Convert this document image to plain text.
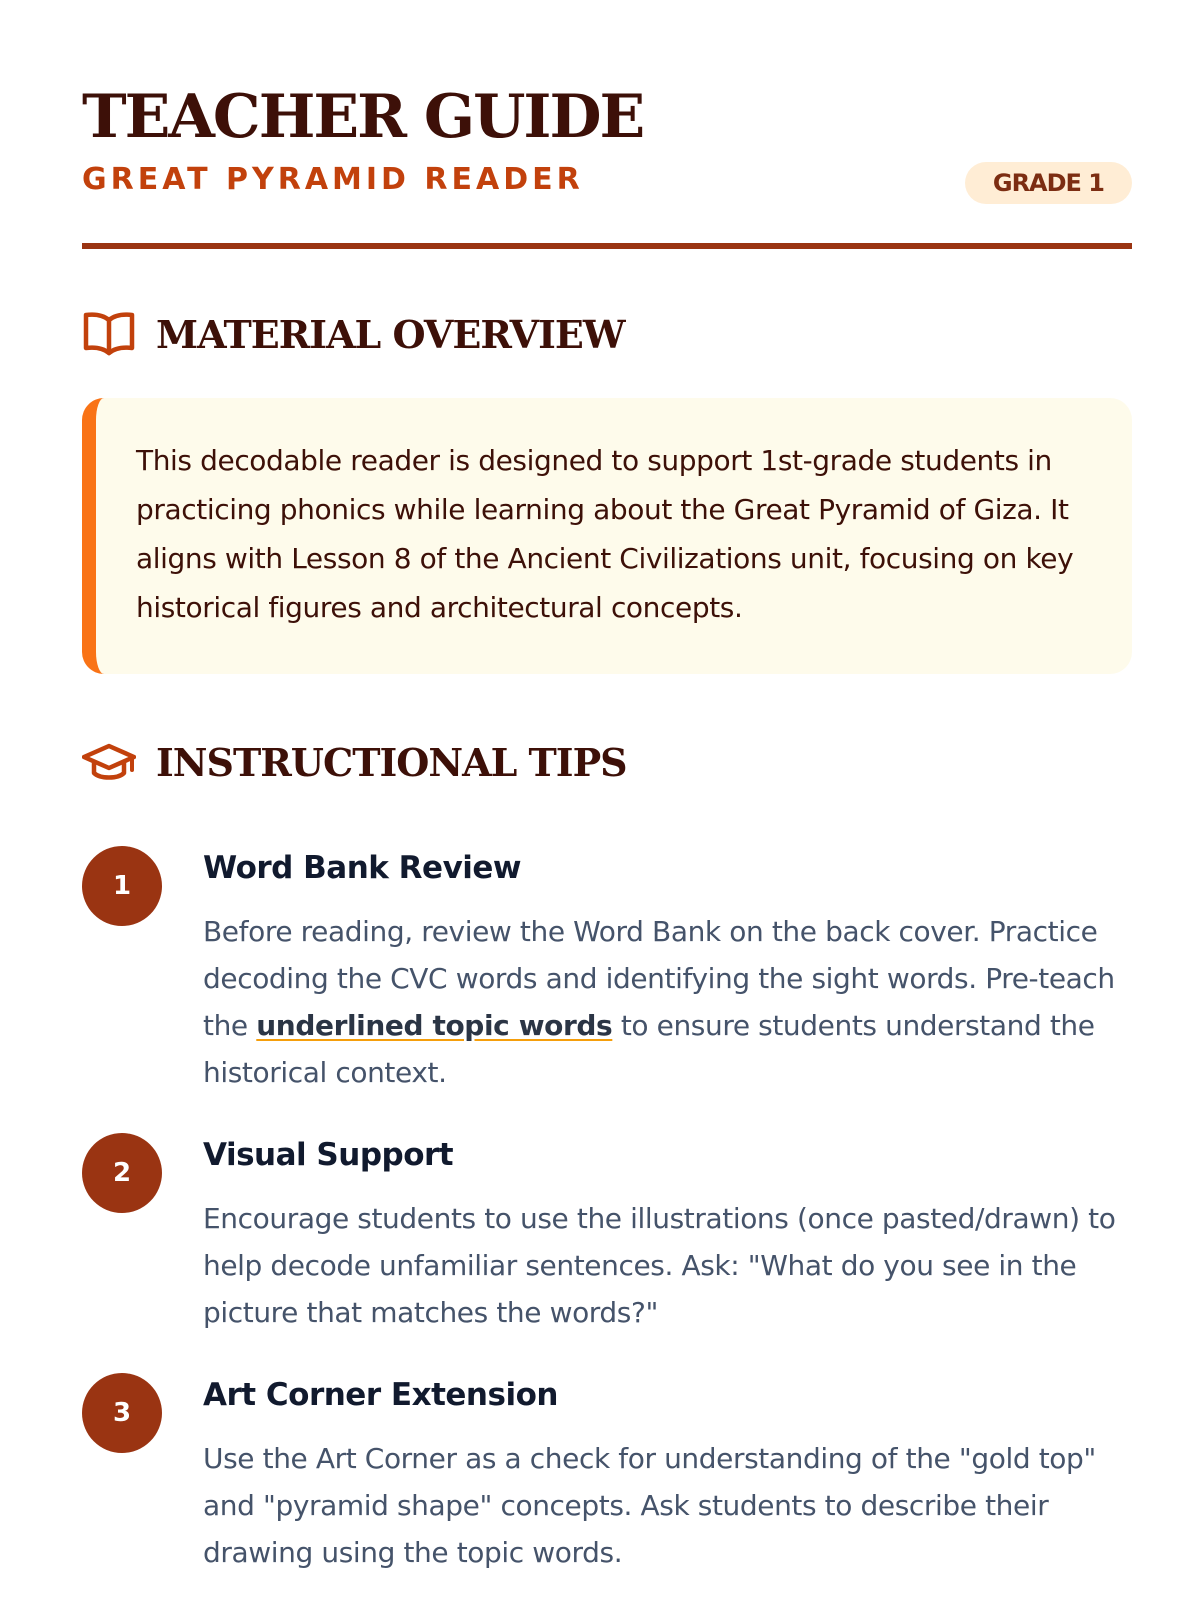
TEACHER GUIDE
GREAT PYRAMID READER	GRADE 1
MATERIAL OVERVIEW

This decodable reader is designed to support 1st-grade students in practicing phonics while learning about the Great Pyramid of Giza. It aligns with Lesson 8 of the Ancient Civilizations unit, focusing on key historical figures and architectural concepts.

INSTRUCTIONAL TIPS
1	Word Bank Review

Before reading, review the Word Bank on the back cover. Practice decoding the CVC words and identifying the sight words. Pre-teach the underlined topic words to ensure students understand the historical context.

2	Visual Support

Encourage students to use the illustrations (once pasted/drawn) to help decode unfamiliar sentences. Ask: "What do you see in the picture that matches the words?"

3	Art Corner Extension

Use the Art Corner as a check for understanding of the "gold top" and "pyramid shape" concepts. Ask students to describe their drawing using the topic words.
